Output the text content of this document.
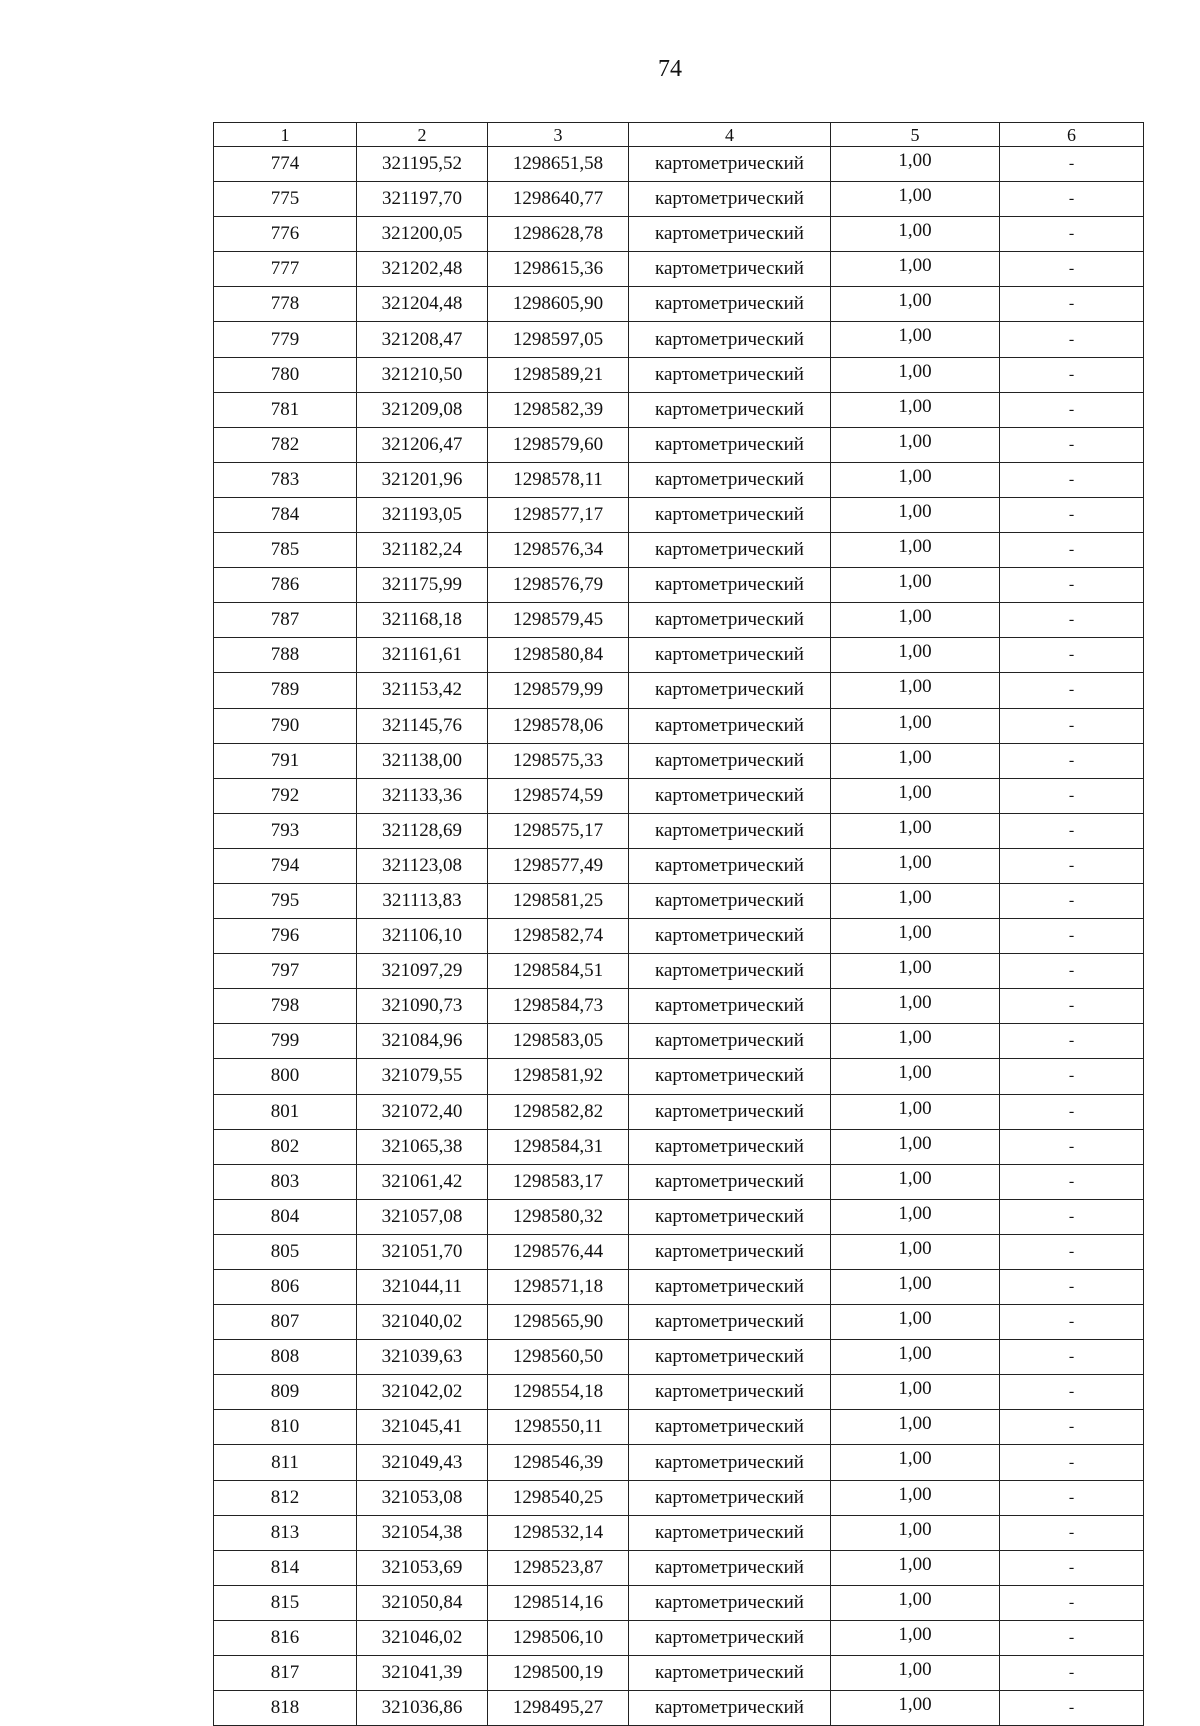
74
1	2	3	4	5	6
774	321195,52	1298651,58	картометрический	1,00	-
775	321197,70	1298640,77	картометрический	1,00	-
776	321200,05	1298628,78	картометрический	1,00	-
777	321202,48	1298615,36	картометрический	1,00	-
778	321204,48	1298605,90	картометрический	1,00	-
779	321208,47	1298597,05	картометрический	1,00	-
780	321210,50	1298589,21	картометрический	1,00	-
781	321209,08	1298582,39	картометрический	1,00	-
782	321206,47	1298579,60	картометрический	1,00	-
783	321201,96	1298578,11	картометрический	1,00	-
784	321193,05	1298577,17	картометрический	1,00	-
785	321182,24	1298576,34	картометрический	1,00	-
786	321175,99	1298576,79	картометрический	1,00	-
787	321168,18	1298579,45	картометрический	1,00	-
788	321161,61	1298580,84	картометрический	1,00	-
789	321153,42	1298579,99	картометрический	1,00	-
790	321145,76	1298578,06	картометрический	1,00	-
791	321138,00	1298575,33	картометрический	1,00	-
792	321133,36	1298574,59	картометрический	1,00	-
793	321128,69	1298575,17	картометрический	1,00	-
794	321123,08	1298577,49	картометрический	1,00	-
795	321113,83	1298581,25	картометрический	1,00	-
796	321106,10	1298582,74	картометрический	1,00	-
797	321097,29	1298584,51	картометрический	1,00	-
798	321090,73	1298584,73	картометрический	1,00	-
799	321084,96	1298583,05	картометрический	1,00	-
800	321079,55	1298581,92	картометрический	1,00	-
801	321072,40	1298582,82	картометрический	1,00	-
802	321065,38	1298584,31	картометрический	1,00	-
803	321061,42	1298583,17	картометрический	1,00	-
804	321057,08	1298580,32	картометрический	1,00	-
805	321051,70	1298576,44	картометрический	1,00	-
806	321044,11	1298571,18	картометрический	1,00	-
807	321040,02	1298565,90	картометрический	1,00	-
808	321039,63	1298560,50	картометрический	1,00	-
809	321042,02	1298554,18	картометрический	1,00	-
810	321045,41	1298550,11	картометрический	1,00	-
811	321049,43	1298546,39	картометрический	1,00	-
812	321053,08	1298540,25	картометрический	1,00	-
813	321054,38	1298532,14	картометрический	1,00	-
814	321053,69	1298523,87	картометрический	1,00	-
815	321050,84	1298514,16	картометрический	1,00	-
816	321046,02	1298506,10	картометрический	1,00	-
817	321041,39	1298500,19	картометрический	1,00	-
818	321036,86	1298495,27	картометрический	1,00	-
